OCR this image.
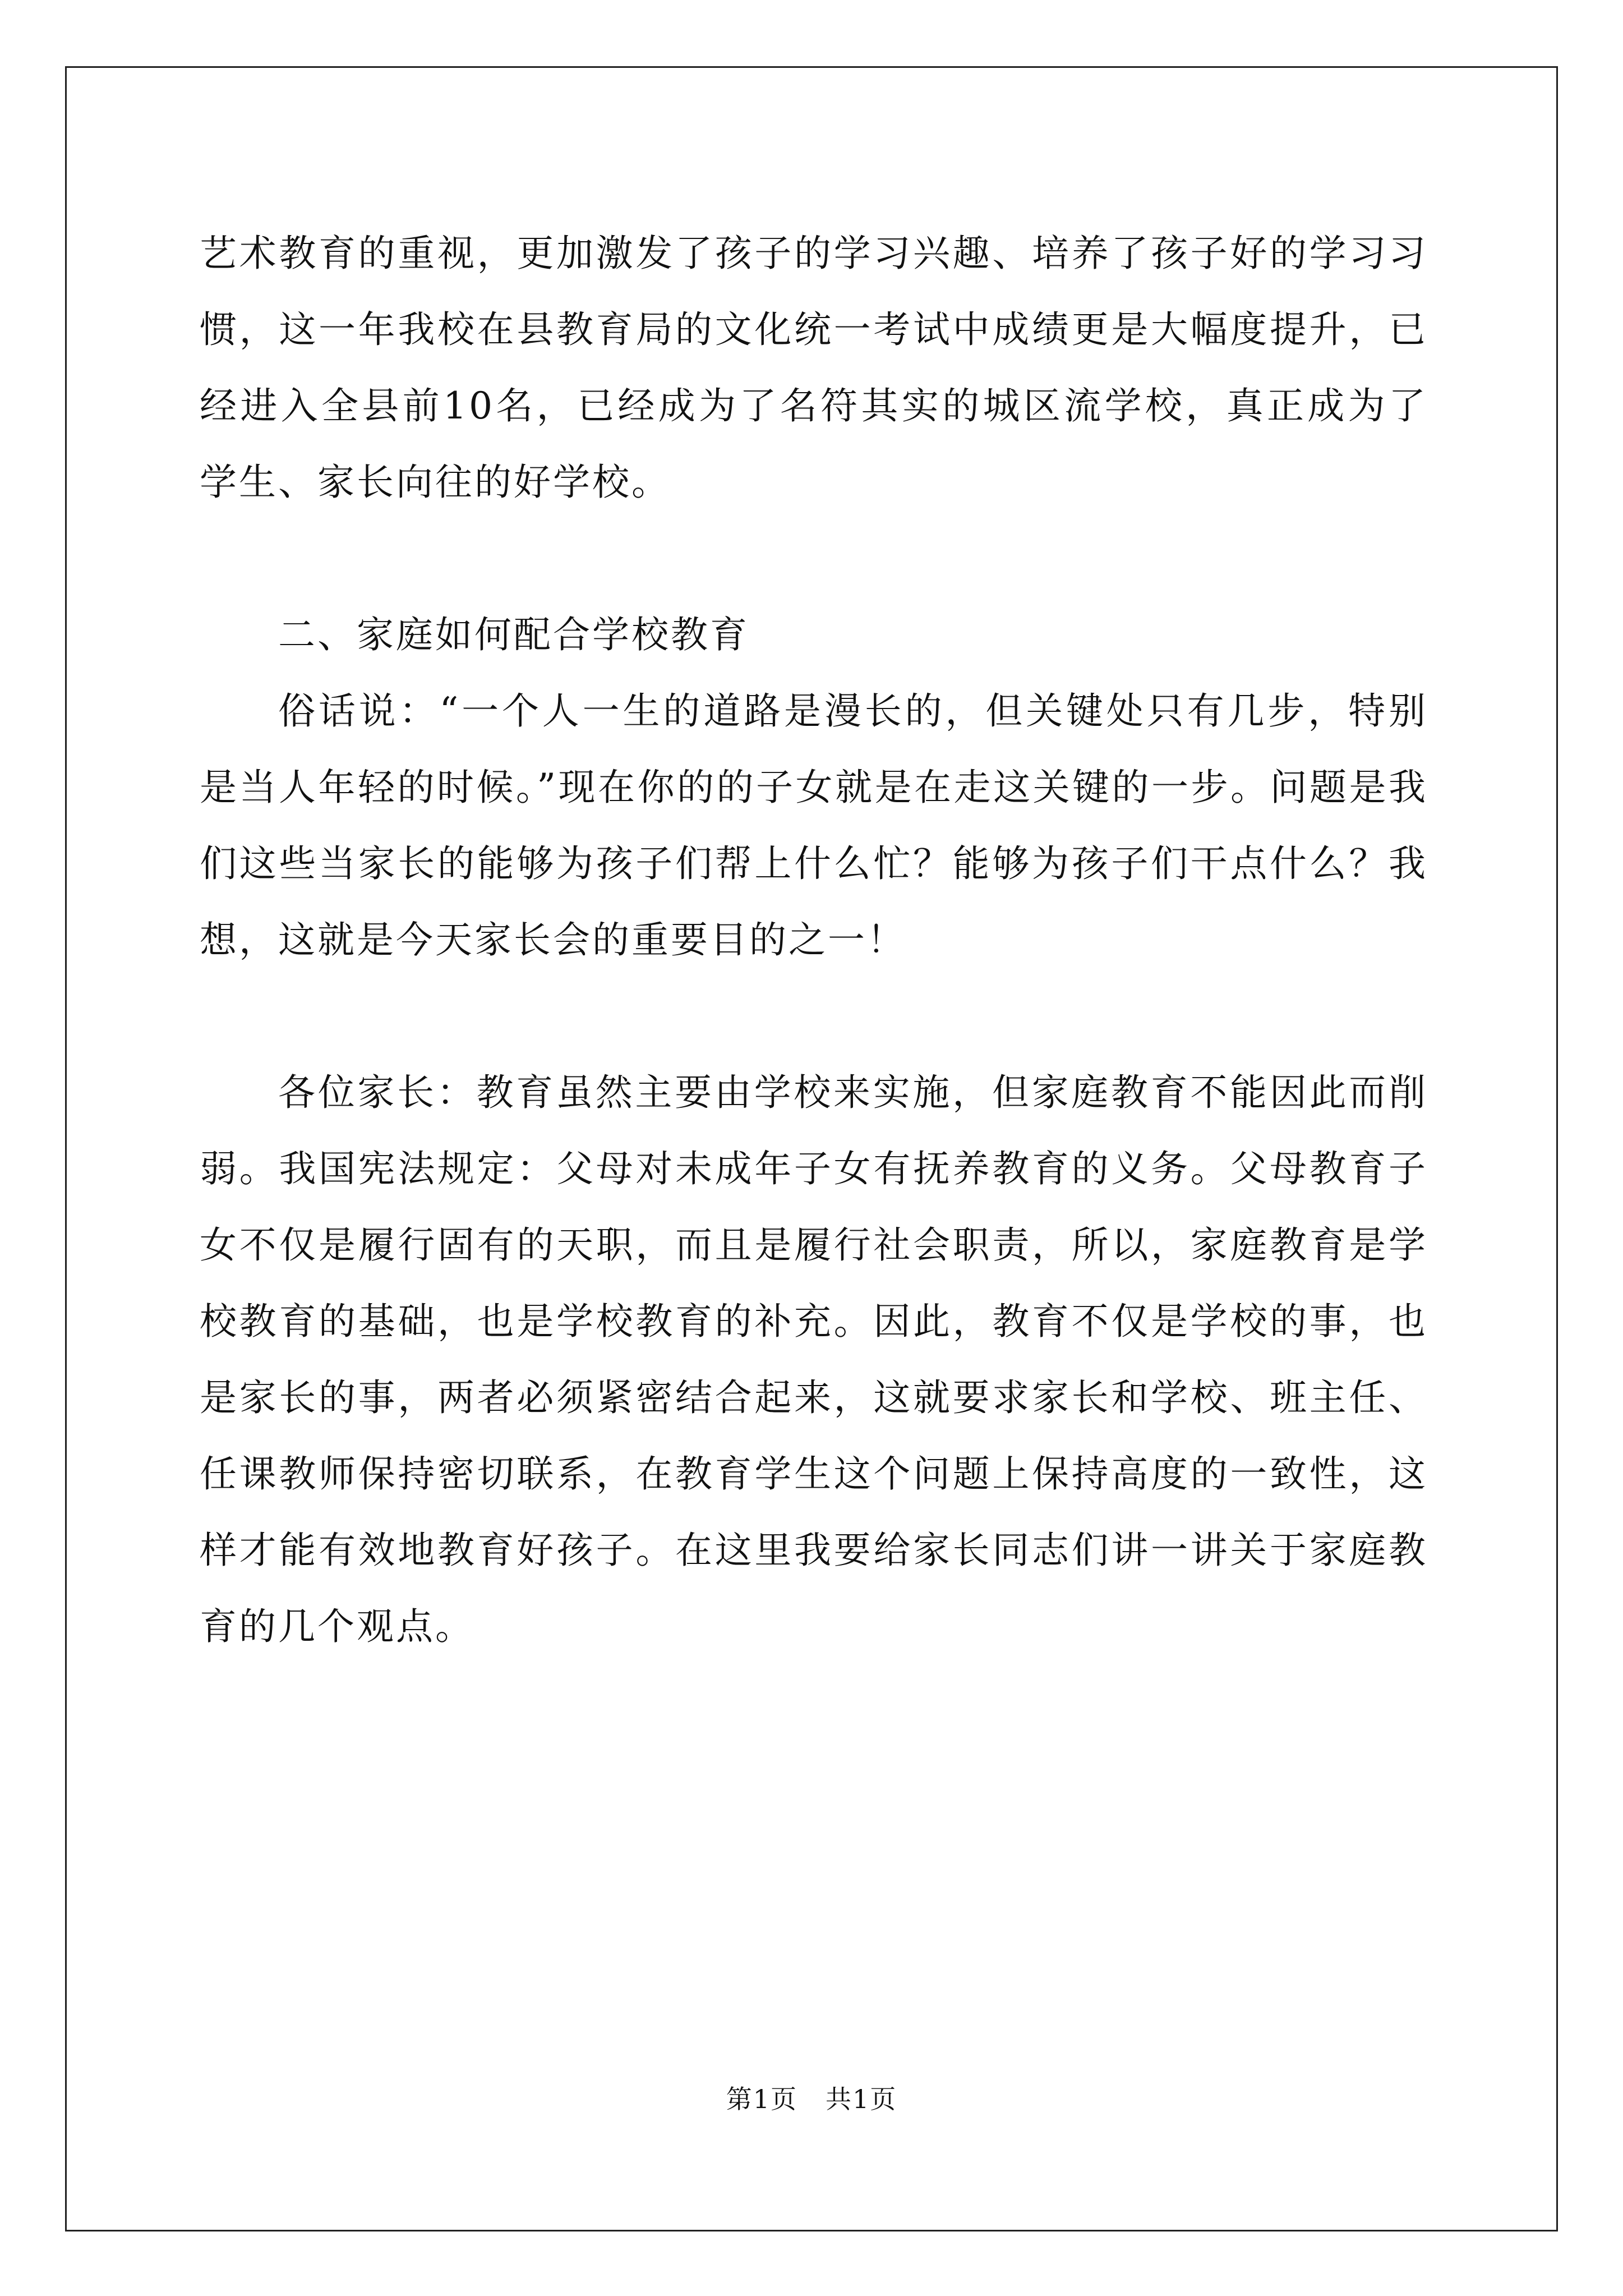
艺术教育的重视，更加激发了孩子的学习兴趣、培养了孩子好的学习习惯，这一年我校在县教育局的文化统一考试中成绩更是大幅度提升，已经进入全县前10名，已经成为了名符其实的城区流学校，真正成为了学生、家长向往的好学校。

二、家庭如何配合学校教育

俗话说：“一个人一生的道路是漫长的，但关键处只有几步，特别是当人年轻的时候。”现在你的的子女就是在走这关键的一步。问题是我们这些当家长的能够为孩子们帮上什么忙？能够为孩子们干点什么？我想，这就是今天家长会的重要目的之一！

各位家长：教育虽然主要由学校来实施，但家庭教育不能因此而削弱。我国宪法规定：父母对未成年子女有抚养教育的义务。父母教育子女不仅是履行固有的天职，而且是履行社会职责，所以，家庭教育是学校教育的基础，也是学校教育的补充。因此，教育不仅是学校的事，也是家长的事，两者必须紧密结合起来，这就要求家长和学校、班主任、任课教师保持密切联系，在教育学生这个问题上保持高度的一致性，这样才能有效地教育好孩子。在这里我要给家长同志们讲一讲关于家庭教育的几个观点。

第1页 共1页
